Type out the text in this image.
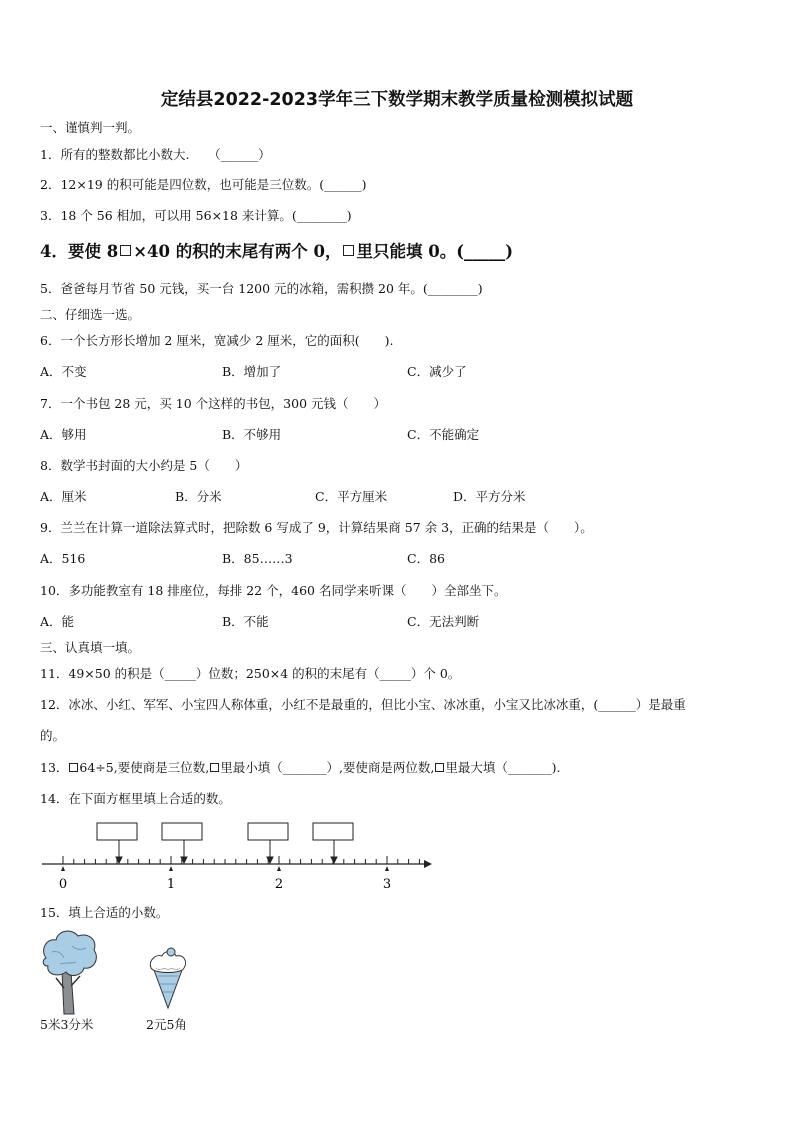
定结县2022-2023学年三下数学期末教学质量检测模拟试题
一、谨慎判一判。
1．所有的整数都比小数大.　　（______）
2．12×19 的积可能是四位数，也可能是三位数。(______)
3．18 个 56 相加，可以用 56×18 来计算。(________)
4．要使 8 ×40 的积的末尾有两个 0， 里只能填 0。(_____)
5．爸爸每月节省 50 元钱，买一台 1200 元的冰箱，需积攒 20 年。(________)
二、仔细选一选。
6．一个长方形长增加 2 厘米，宽减少 2 厘米，它的面积(　　).
A．不变	B．增加了	C．减少了
7．一个书包 28 元，买 10 个这样的书包，300 元钱（　　）
A．够用	B．不够用	C．不能确定
8．数学书封面的大小约是 5（　　）
A．厘米	B．分米	C．平方厘米	D．平方分米
9．兰兰在计算一道除法算式时，把除数 6 写成了 9，计算结果商 57 余 3，正确的结果是（　　）。
A．516	B．85……3	C．86
10．多功能教室有 18 排座位，每排 22 个，460 名同学来听课（　　）全部坐下。
A．能	B．不能	C．无法判断
三、认真填一填。
11．49×50 的积是（_____）位数；250×4 的积的末尾有（_____）个 0。
12．冰冰、小红、军军、小宝四人称体重，小红不是最重的，但比小宝、冰冰重，小宝又比冰冰重，(______）是最重
的。
13． 64÷5,要使商是三位数, 里最小填（_______）,要使商是两位数, 里最大填（_______).
14．在下面方框里填上合适的数。
0	1	2	3
15．填上合适的小数。
5米3分米	2元5角
